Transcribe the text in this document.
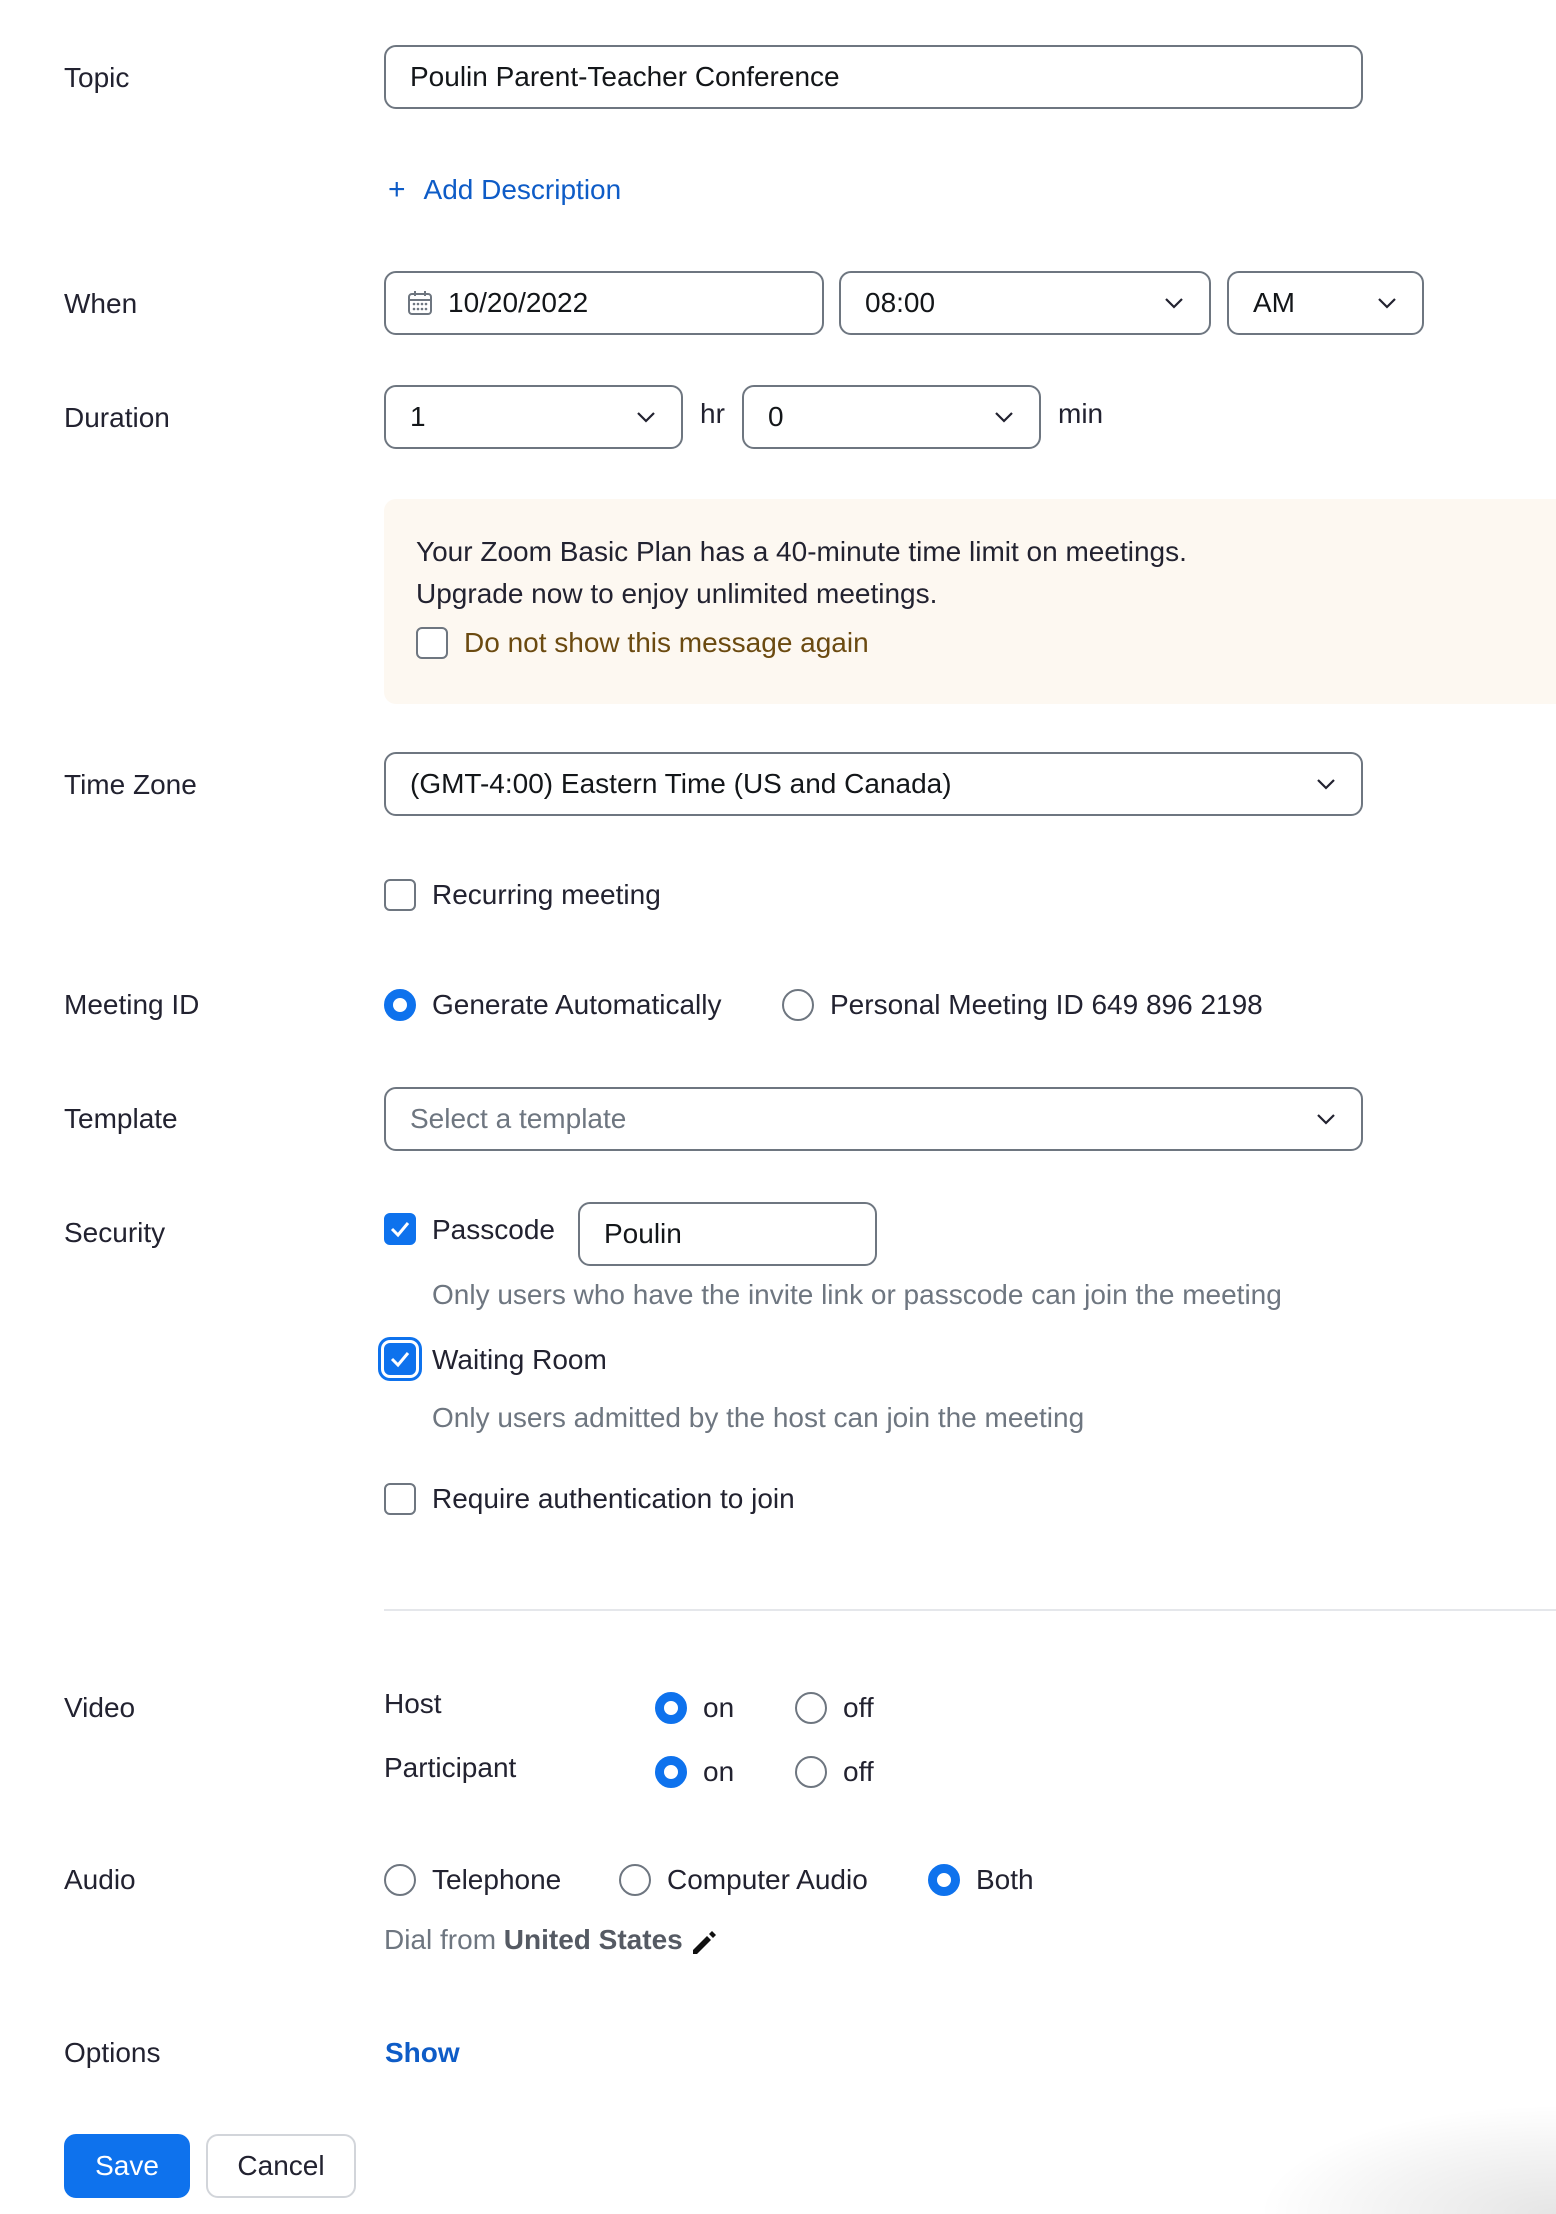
Topic	Poulin Parent-Teacher Conference
+ Add Description
When	10/20/2022	08:00	AM
Duration	1	hr 0	min
Your Zoom Basic Plan has a 40-minute time limit on meetings.
Upgrade now to enjoy unlimited meetings.
Do not show this message again
Time Zone	(GMT-4:00) Eastern Time (US and Canada)
Recurring meeting
Meeting ID	Generate Automatically	Personal Meeting ID 649 896 2198
Template	Select a template
Security	Passcode Poulin
Only users who have the invite link or passcode can join the meeting
Waiting Room
Only users admitted by the host can join the meeting
Require authentication to join
Video	Host	on	off
Participant	on	off
Audio	Telephone	Computer Audio	Both
Dial from United States
Options	Show
Save	Cancel
